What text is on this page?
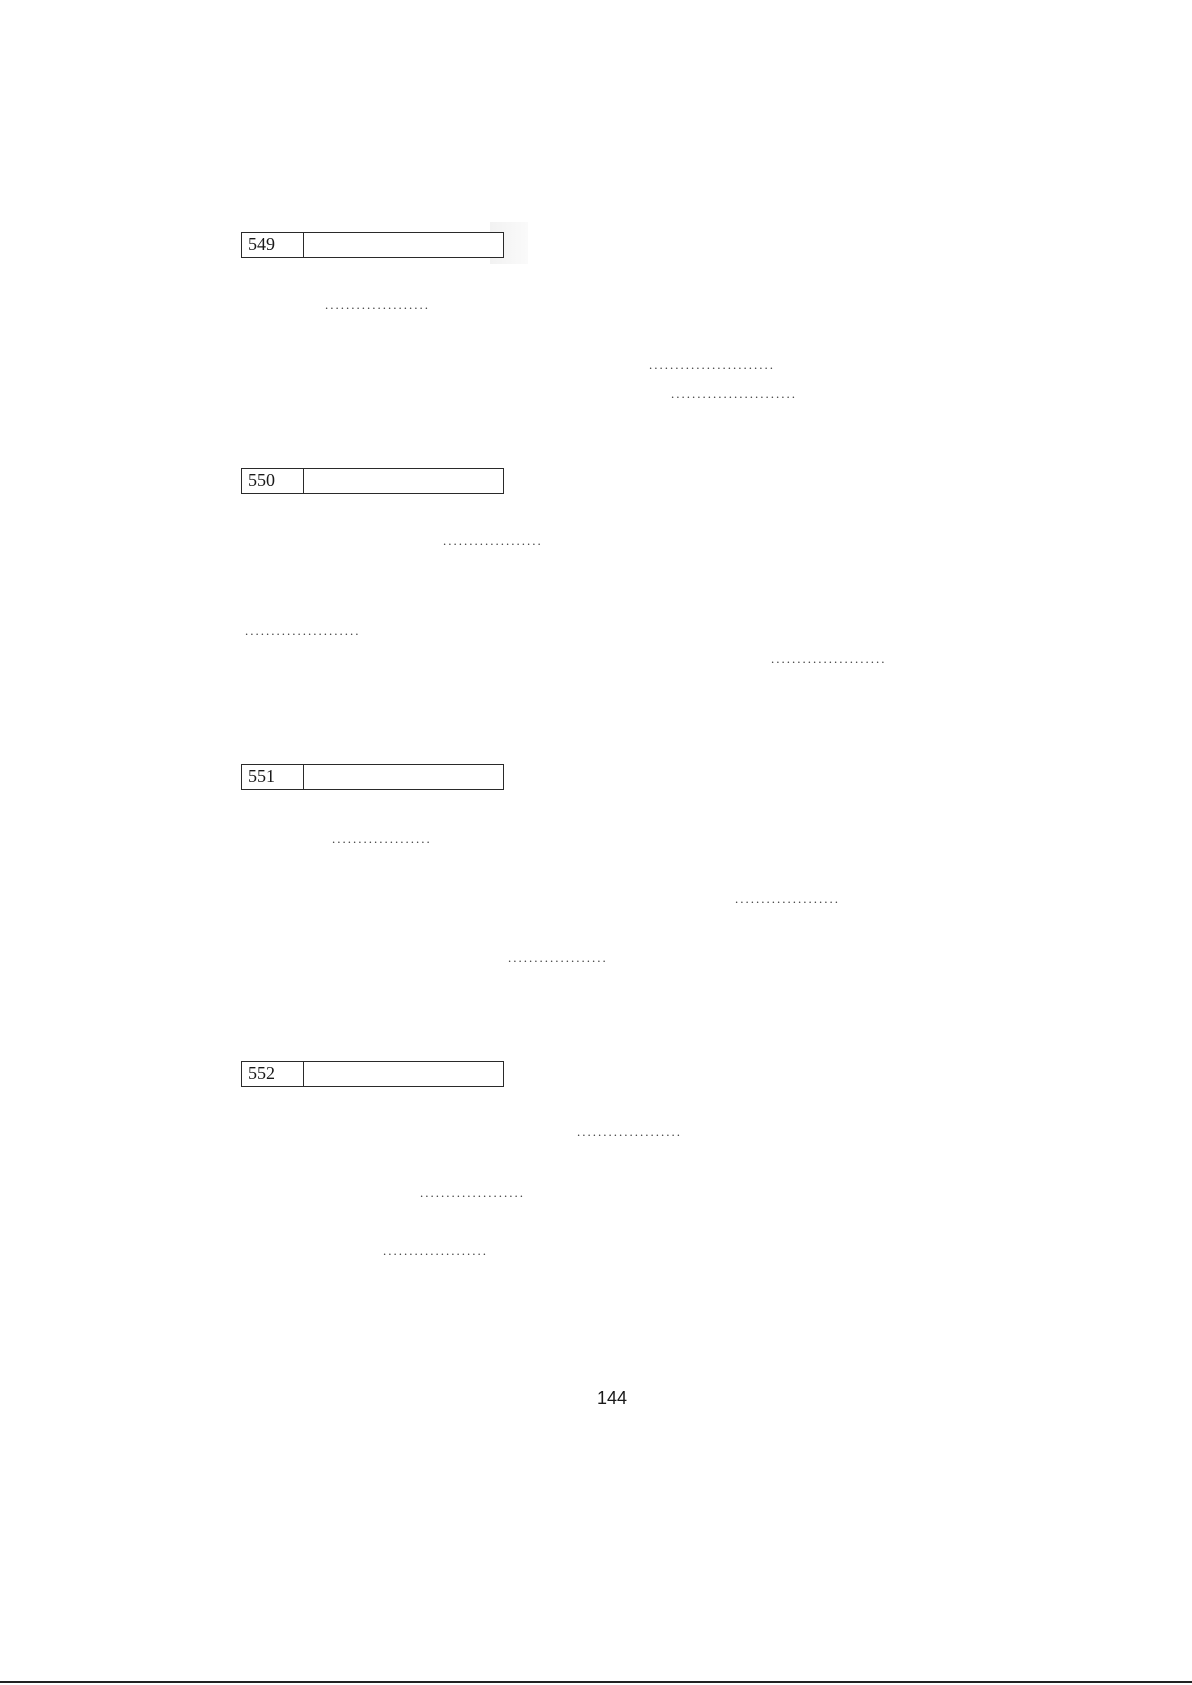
549
....................
........................
........................
550
...................
......................
......................
551
...................
....................
...................
552
....................
....................
....................
144
